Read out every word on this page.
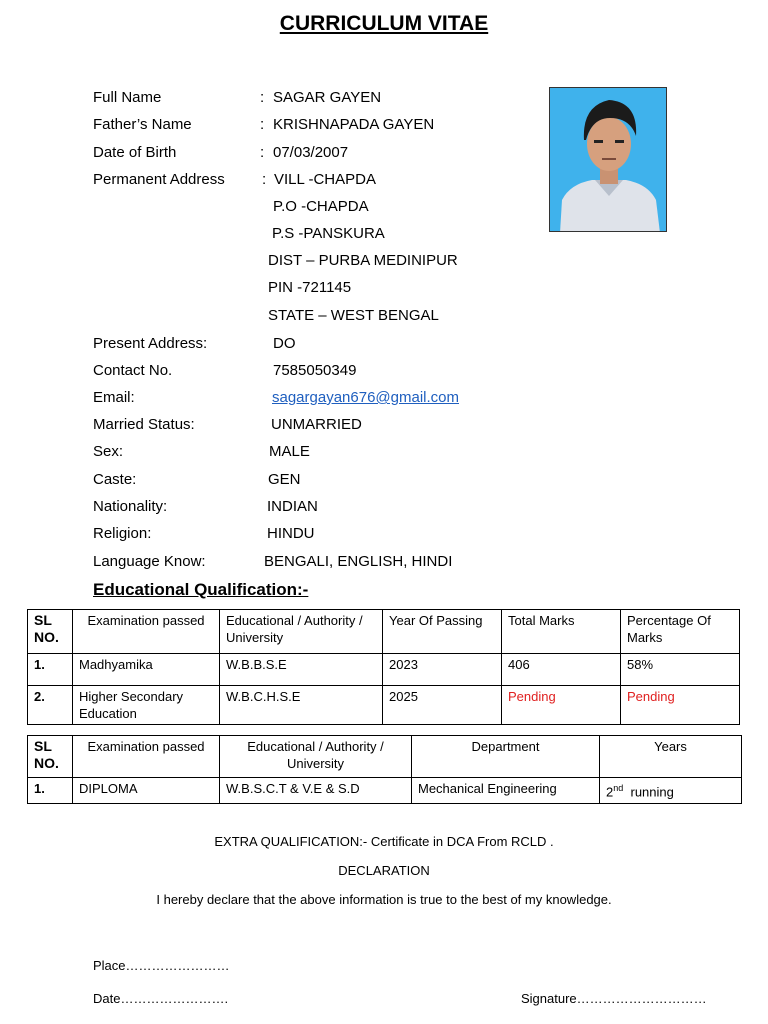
CURRICULUM VITAE
Full Name	: SAGAR GAYEN
Father’s Name	: KRISHNAPADA GAYEN
Date of Birth	: 07/03/2007
Permanent Address : VILL -CHAPDA
P.O -CHAPDA
P.S -PANSKURA
DIST – PURBA MEDINIPUR
PIN -721145
STATE – WEST BENGAL
Present Address:	DO
Contact No.	7585050349
Email:	sagargayan676@gmail.com
Married Status:	UNMARRIED
Sex:	MALE
Caste:	GEN
Nationality:	INDIAN
Religion:	HINDU
Language Know:	BENGALI, ENGLISH, HINDI
Educational Qualification:-
SL NO.	Examination passed	Educational / Authority / University	Year Of Passing	Total Marks	Percentage Of Marks
1.	Madhyamika	W.B.B.S.E	2023	406	58%
2.	Higher Secondary Education	W.B.C.H.S.E	2025	Pending	Pending
SL NO.	Examination passed	Educational / Authority / University	Department	Years
1.	DIPLOMA	W.B.S.C.T & V.E & S.D	Mechanical Engineering	2nd running
EXTRA QUALIFICATION:- Certificate in DCA From RCLD .
DECLARATION
I hereby declare that the above information is true to the best of my knowledge.
Place……………………
Date…………………….	Signature…………………………
